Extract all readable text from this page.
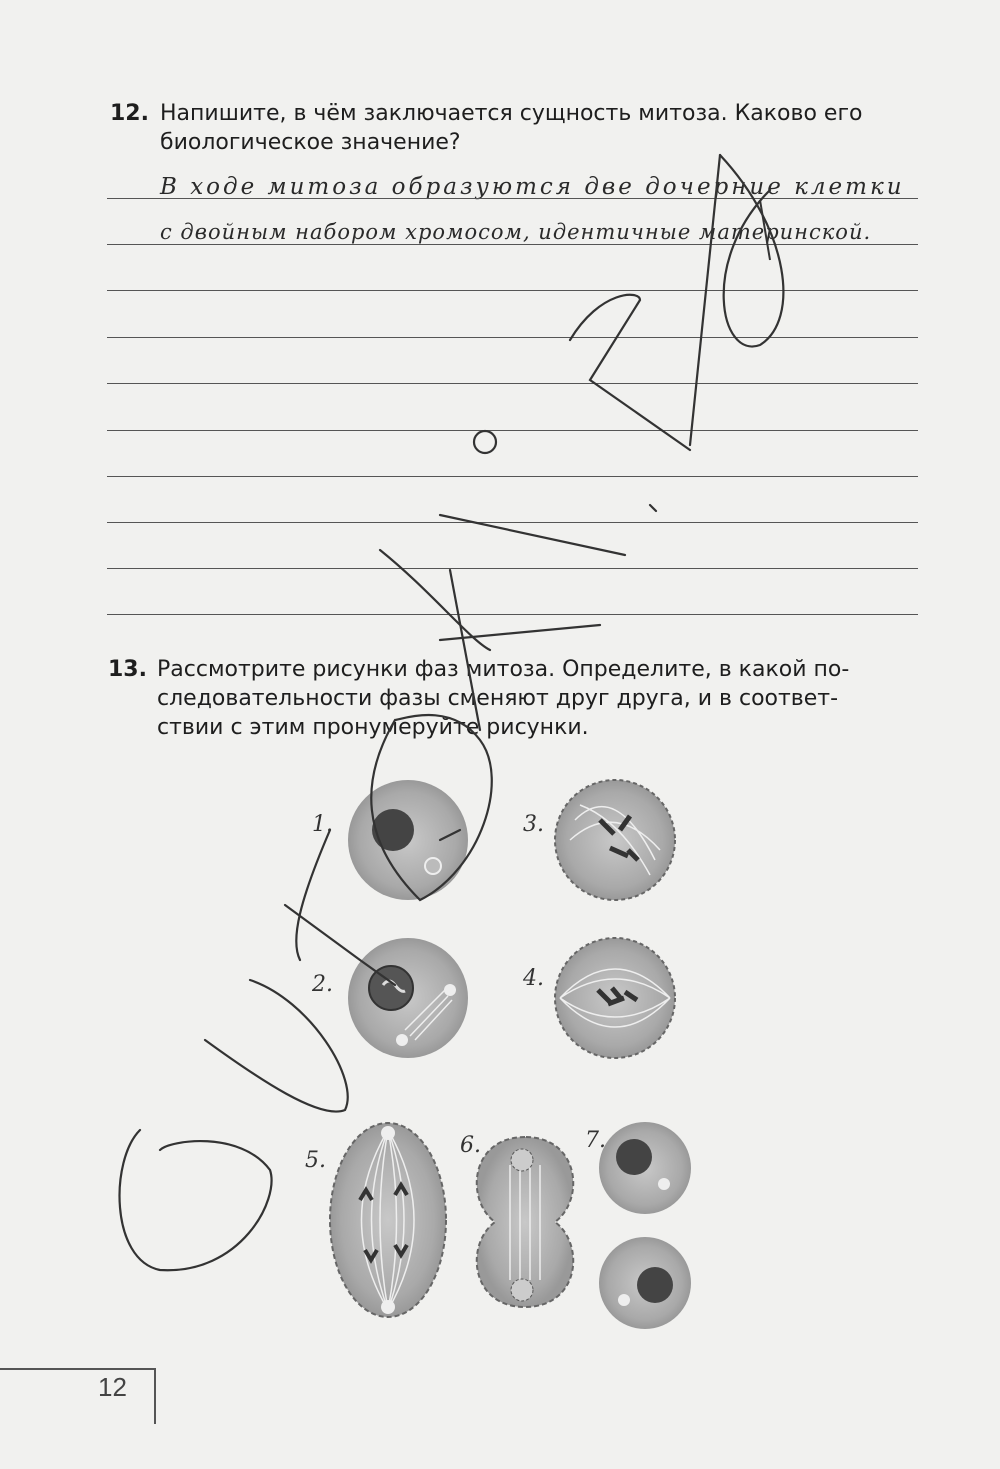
12. Напишите, в чём заключается сущность митоза. Каково его
биологическое значение?
В ходе митоза образуются две дочерние клетки
с двойным набором хромосом, идентичные материнской.
13. Рассмотрите рисунки фаз митоза. Определите, в какой по-
следовательности фазы сменяют друг друга, и в соответ-
ствии с этим пронумеруйте рисунки.
1.
2.
3.
4.
5.
6.	7.
12
